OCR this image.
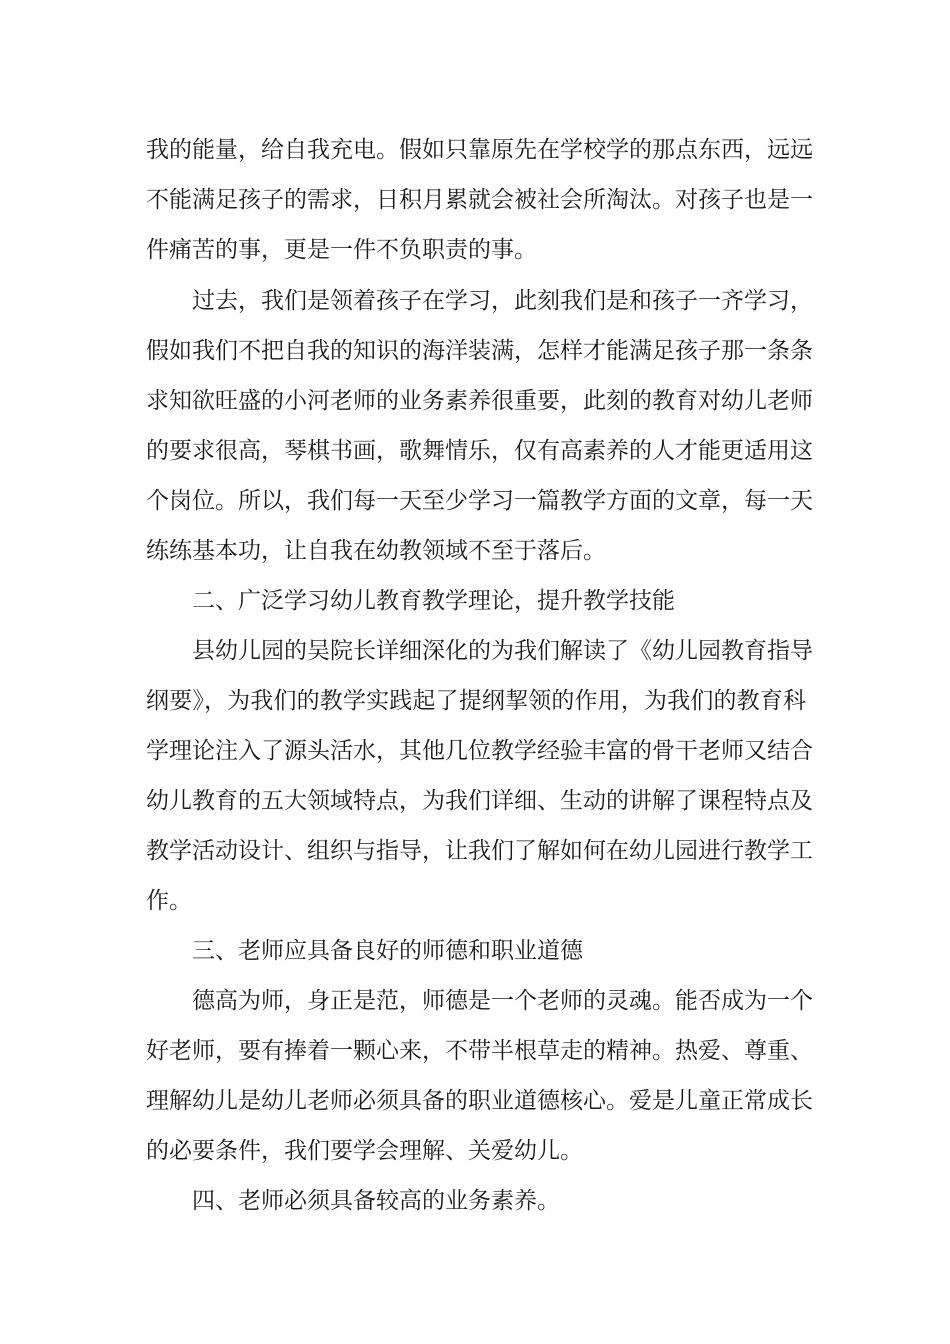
我的能量，给自我充电。假如只靠原先在学校学的那点东西，远远
不能满足孩子的需求，日积月累就会被社会所淘汰。对孩子也是一
件痛苦的事，更是一件不负职责的事。
过去，我们是领着孩子在学习，此刻我们是和孩子一齐学习，
假如我们不把自我的知识的海洋装满，怎样才能满足孩子那一条条
求知欲旺盛的小河老师的业务素养很重要，此刻的教育对幼儿老师
的要求很高，琴棋书画，歌舞情乐，仅有高素养的人才能更适用这
个岗位。所以，我们每一天至少学习一篇教学方面的文章，每一天
练练基本功，让自我在幼教领域不至于落后。
二、广泛学习幼儿教育教学理论，提升教学技能
县幼儿园的吴院长详细深化的为我们解读了《幼儿园教育指导
纲要》，为我们的教学实践起了提纲挈领的作用，为我们的教育科
学理论注入了源头活水，其他几位教学经验丰富的骨干老师又结合
幼儿教育的五大领域特点，为我们详细、生动的讲解了课程特点及
教学活动设计、组织与指导，让我们了解如何在幼儿园进行教学工
作。
三、老师应具备良好的师德和职业道德
德高为师，身正是范，师德是一个老师的灵魂。能否成为一个
好老师，要有捧着一颗心来，不带半根草走的精神。热爱、尊重、
理解幼儿是幼儿老师必须具备的职业道德核心。爱是儿童正常成长
的必要条件，我们要学会理解、关爱幼儿。
四、老师必须具备较高的业务素养。
